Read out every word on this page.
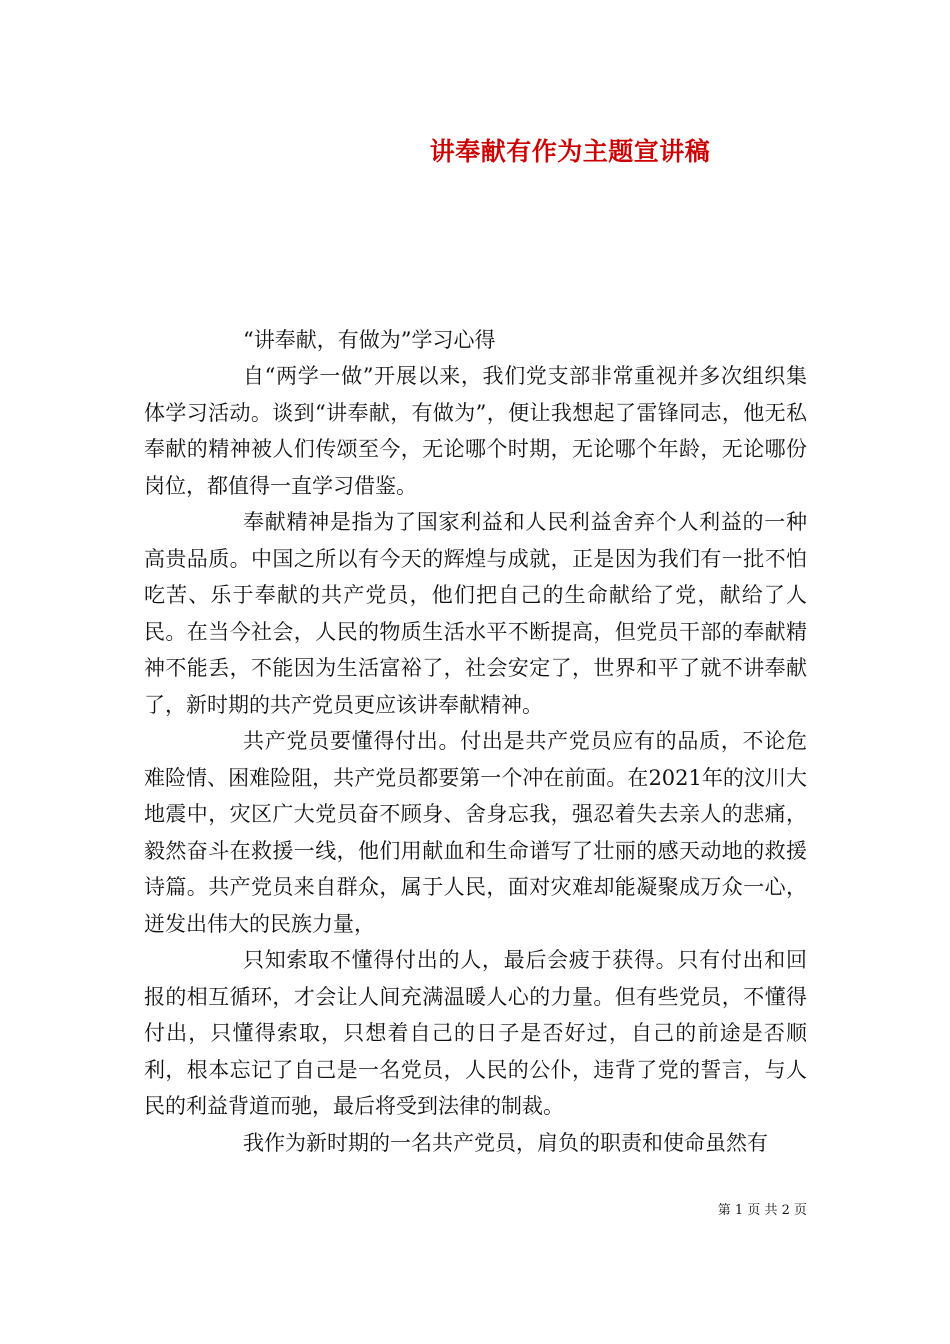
讲奉献有作为主题宣讲稿
“讲奉献，有做为”学习心得

自“两学一做”开展以来，我们党支部非常重视并多次组织集体学习活动。谈到“讲奉献，有做为”，便让我想起了雷锋同志，他无私奉献的精神被人们传颂至今，无论哪个时期，无论哪个年龄，无论哪份岗位，都值得一直学习借鉴。

奉献精神是指为了国家利益和人民利益舍弃个人利益的一种高贵品质。中国之所以有今天的辉煌与成就，正是因为我们有一批不怕吃苦、乐于奉献的共产党员，他们把自己的生命献给了党，献给了人民。在当今社会，人民的物质生活水平不断提高，但党员干部的奉献精神不能丢，不能因为生活富裕了，社会安定了，世界和平了就不讲奉献了，新时期的共产党员更应该讲奉献精神。

共产党员要懂得付出。付出是共产党员应有的品质，不论危难险情、困难险阻，共产党员都要第一个冲在前面。在2021年的汶川大地震中，灾区广大党员奋不顾身、舍身忘我，强忍着失去亲人的悲痛，毅然奋斗在救援一线，他们用献血和生命谱写了壮丽的感天动地的救援诗篇。共产党员来自群众，属于人民，面对灾难却能凝聚成万众一心，迸发出伟大的民族力量，

只知索取不懂得付出的人，最后会疲于获得。只有付出和回报的相互循环，才会让人间充满温暖人心的力量。但有些党员，不懂得付出，只懂得索取，只想着自己的日子是否好过，自己的前途是否顺利，根本忘记了自己是一名党员，人民的公仆，违背了党的誓言，与人民的利益背道而驰，最后将受到法律的制裁。

我作为新时期的一名共产党员，肩负的职责和使命虽然有

第 1 页 共 2 页
